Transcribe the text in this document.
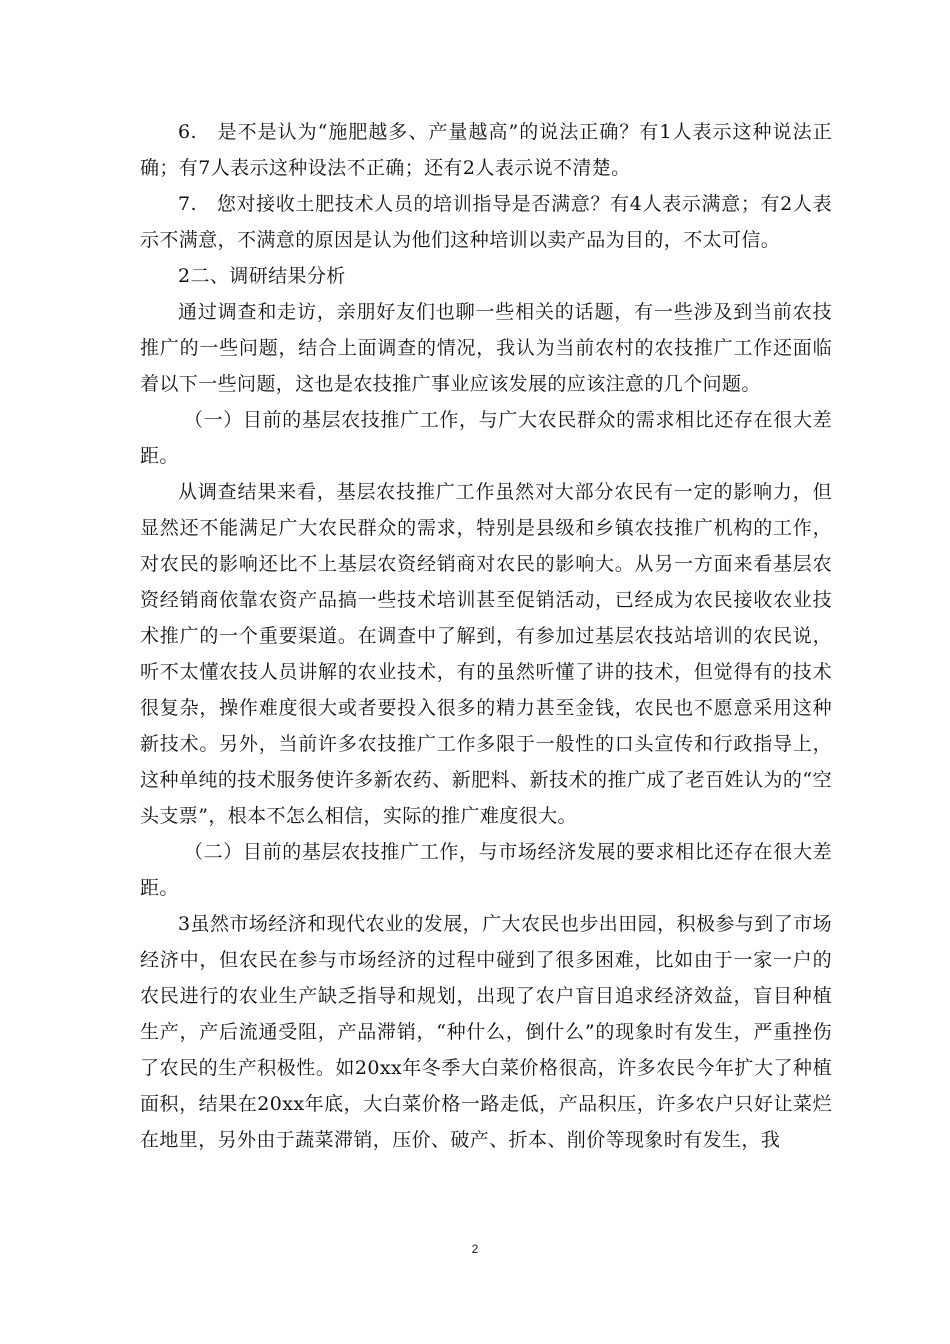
6.　是不是认为“施肥越多、产量越高”的说法正确？有1人表示这种说法正确；有7人表示这种设法不正确；还有2人表示说不清楚。

7.　您对接收土肥技术人员的培训指导是否满意？有4人表示满意；有2人表示不满意，不满意的原因是认为他们这种培训以卖产品为目的，不太可信。

2二、调研结果分析

通过调查和走访，亲朋好友们也聊一些相关的话题，有一些涉及到当前农技推广的一些问题，结合上面调查的情况，我认为当前农村的农技推广工作还面临着以下一些问题，这也是农技推广事业应该发展的应该注意的几个问题。

（一）目前的基层农技推广工作，与广大农民群众的需求相比还存在很大差距。

从调查结果来看，基层农技推广工作虽然对大部分农民有一定的影响力，但显然还不能满足广大农民群众的需求，特别是县级和乡镇农技推广机构的工作，对农民的影响还比不上基层农资经销商对农民的影响大。从另一方面来看基层农资经销商依靠农资产品搞一些技术培训甚至促销活动，已经成为农民接收农业技术推广的一个重要渠道。在调查中了解到，有参加过基层农技站培训的农民说，听不太懂农技人员讲解的农业技术，有的虽然听懂了讲的技术，但觉得有的技术很复杂，操作难度很大或者要投入很多的精力甚至金钱，农民也不愿意采用这种新技术。另外，当前许多农技推广工作多限于一般性的口头宣传和行政指导上，这种单纯的技术服务使许多新农药、新肥料、新技术的推广成了老百姓认为的“空头支票”，根本不怎么相信，实际的推广难度很大。

（二）目前的基层农技推广工作，与市场经济发展的要求相比还存在很大差距。

3虽然市场经济和现代农业的发展，广大农民也步出田园，积极参与到了市场经济中，但农民在参与市场经济的过程中碰到了很多困难，比如由于一家一户的农民进行的农业生产缺乏指导和规划，出现了农户盲目追求经济效益，盲目种植生产，产后流通受阻，产品滞销，“种什么，倒什么”的现象时有发生，严重挫伤了农民的生产积极性。如20xx年冬季大白菜价格很高，许多农民今年扩大了种植面积，结果在20xx年底，大白菜价格一路走低，产品积压，许多农户只好让菜烂在地里，另外由于蔬菜滞销，压价、破产、折本、削价等现象时有发生，我

2
